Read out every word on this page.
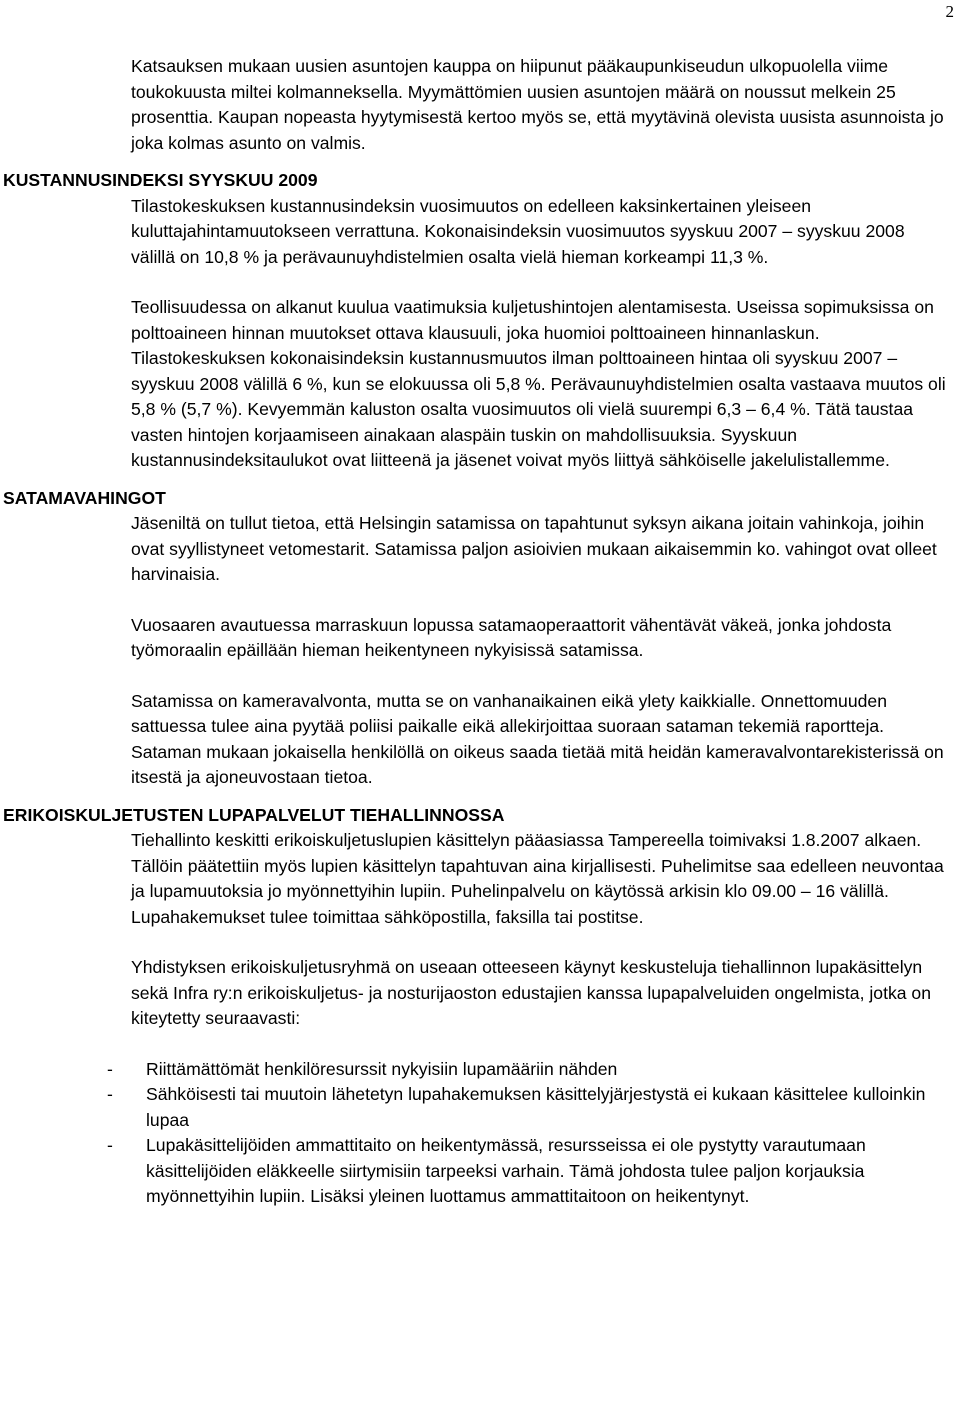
2

Katsauksen mukaan uusien asuntojen kauppa on hiipunut pääkaupunkiseudun ulkopuolella viime toukokuusta miltei kolmanneksella. Myymättömien uusien asuntojen määrä on noussut melkein 25 prosenttia. Kaupan nopeasta hyytymisestä kertoo myös se, että myytävinä olevista uusista asunnoista jo joka kolmas asunto on valmis.

KUSTANNUSINDEKSI SYYSKUU 2009

Tilastokeskuksen kustannusindeksin vuosimuutos on edelleen kaksinkertainen yleiseen kuluttajahintamuutokseen verrattuna. Kokonaisindeksin vuosimuutos syyskuu 2007 – syyskuu 2008 välillä on 10,8 % ja perävaunuyhdistelmien osalta vielä hieman korkeampi 11,3 %.

Teollisuudessa on alkanut kuulua vaatimuksia kuljetushintojen alentamisesta. Useissa sopimuksissa on polttoaineen hinnan muutokset ottava klausuuli, joka huomioi polttoaineen hinnanlaskun. Tilastokeskuksen kokonaisindeksin kustannusmuutos ilman polttoaineen hintaa oli syyskuu 2007 – syyskuu 2008 välillä 6 %, kun se elokuussa oli 5,8 %. Perävaunuyhdistelmien osalta vastaava muutos oli 5,8 % (5,7 %). Kevyemmän kaluston osalta vuosimuutos oli vielä suurempi 6,3 – 6,4 %. Tätä taustaa vasten hintojen korjaamiseen ainakaan alaspäin tuskin on mahdollisuuksia. Syyskuun kustannusindeksitaulukot ovat liitteenä ja jäsenet voivat myös liittyä sähköiselle jakelulistallemme.

SATAMAVAHINGOT

Jäseniltä on tullut tietoa, että Helsingin satamissa on tapahtunut syksyn aikana joitain vahinkoja, joihin ovat syyllistyneet vetomestarit. Satamissa paljon asioivien mukaan aikaisemmin ko. vahingot ovat olleet harvinaisia.

Vuosaaren avautuessa marraskuun lopussa satamaoperaattorit vähentävät väkeä, jonka johdosta työmoraalin epäillään hieman heikentyneen nykyisissä satamissa.

Satamissa on kameravalvonta, mutta se on vanhanaikainen eikä ylety kaikkialle. Onnettomuuden sattuessa tulee aina pyytää poliisi paikalle eikä allekirjoittaa suoraan sataman tekemiä raportteja. Sataman mukaan jokaisella henkilöllä on oikeus saada tietää mitä heidän kameravalvontarekisterissä on itsestä ja ajoneuvostaan tietoa.

ERIKOISKULJETUSTEN LUPAPALVELUT TIEHALLINNOSSA

Tiehallinto keskitti erikoiskuljetuslupien käsittelyn pääasiassa Tampereella toimivaksi 1.8.2007 alkaen. Tällöin päätettiin myös lupien käsittelyn tapahtuvan aina kirjallisesti. Puhelimitse saa edelleen neuvontaa ja lupamuutoksia jo myönnettyihin lupiin. Puhelinpalvelu on käytössä arkisin klo 09.00 – 16 välillä. Lupahakemukset tulee toimittaa sähköpostilla, faksilla tai postitse.

Yhdistyksen erikoiskuljetusryhmä on useaan otteeseen käynyt keskusteluja tiehallinnon lupakäsittelyn sekä Infra ry:n erikoiskuljetus- ja nosturijaoston edustajien kanssa lupapalveluiden ongelmista, jotka on kiteytetty seuraavasti:

- Riittämättömät henkilöresurssit nykyisiin lupamääriin nähden
- Sähköisesti tai muutoin lähetetyn lupahakemuksen käsittelyjärjestystä ei kukaan käsittelee kulloinkin lupaa
- Lupakäsittelijöiden ammattitaito on heikentymässä, resursseissa ei ole pystytty varautumaan käsittelijöiden eläkkeelle siirtymisiin tarpeeksi varhain. Tämä johdosta tulee paljon korjauksia myönnettyihin lupiin. Lisäksi yleinen luottamus ammattitaitoon on heikentynyt.
